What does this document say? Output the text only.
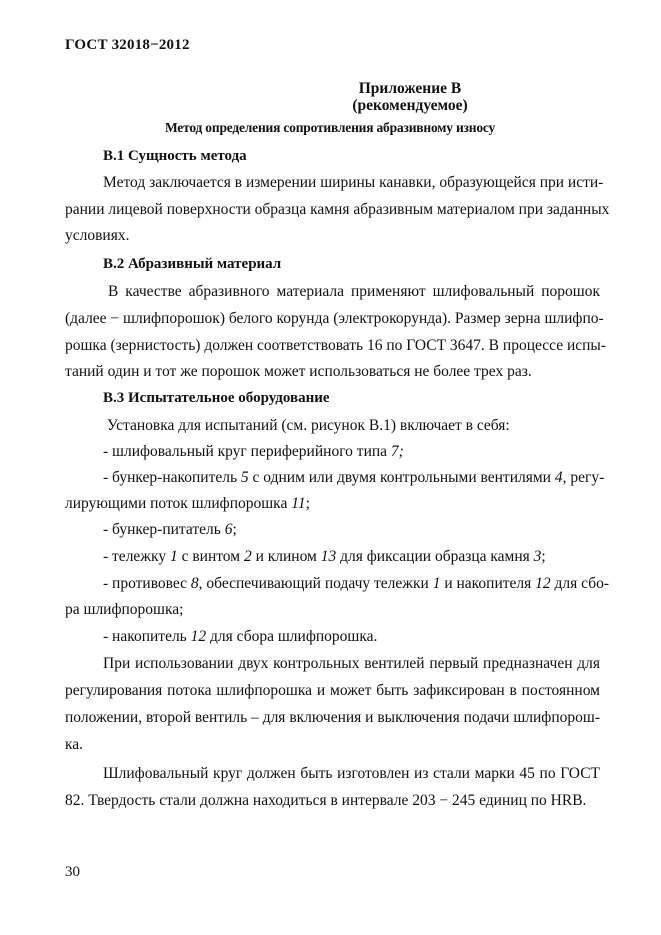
ГОСТ 32018−2012
Приложение В
(рекомендуемое)
Метод определения сопротивления абразивному износу
В.1 Сущность метода
Метод заключается в измерении ширины канавки, образующейся при исти-
рании лицевой поверхности образца камня абразивным материалом при заданных
условиях.
В.2 Абразивный материал
В качестве абразивного материала применяют шлифовальный порошок
(далее − шлифпорошок) белого корунда (электрокорунда). Размер зерна шлифпо-
рошка (зернистость) должен соответствовать 16 по ГОСТ 3647. В процессе испы-
таний один и тот же порошок может использоваться не более трех раз.
В.3 Испытательное оборудование
Установка для испытаний (см. рисунок В.1) включает в себя:
- шлифовальный круг периферийного типа 7;
- бункер-накопитель 5 с одним или двумя контрольными вентилями 4, регу-
лирующими поток шлифпорошка 11;
- бункер-питатель 6;
- тележку 1 с винтом 2 и клином 13 для фиксации образца камня 3;
- противовес 8, обеспечивающий подачу тележки 1 и накопителя 12 для сбо-
ра шлифпорошка;
- накопитель 12 для сбора шлифпорошка.
При использовании двух контрольных вентилей первый предназначен для
регулирования потока шлифпорошка и может быть зафиксирован в постоянном
положении, второй вентиль – для включения и выключения подачи шлифпорош-
ка.
Шлифовальный круг должен быть изготовлен из стали марки 45 по ГОСТ
82. Твердость стали должна находиться в интервале 203 − 245 единиц по HRB.
30
